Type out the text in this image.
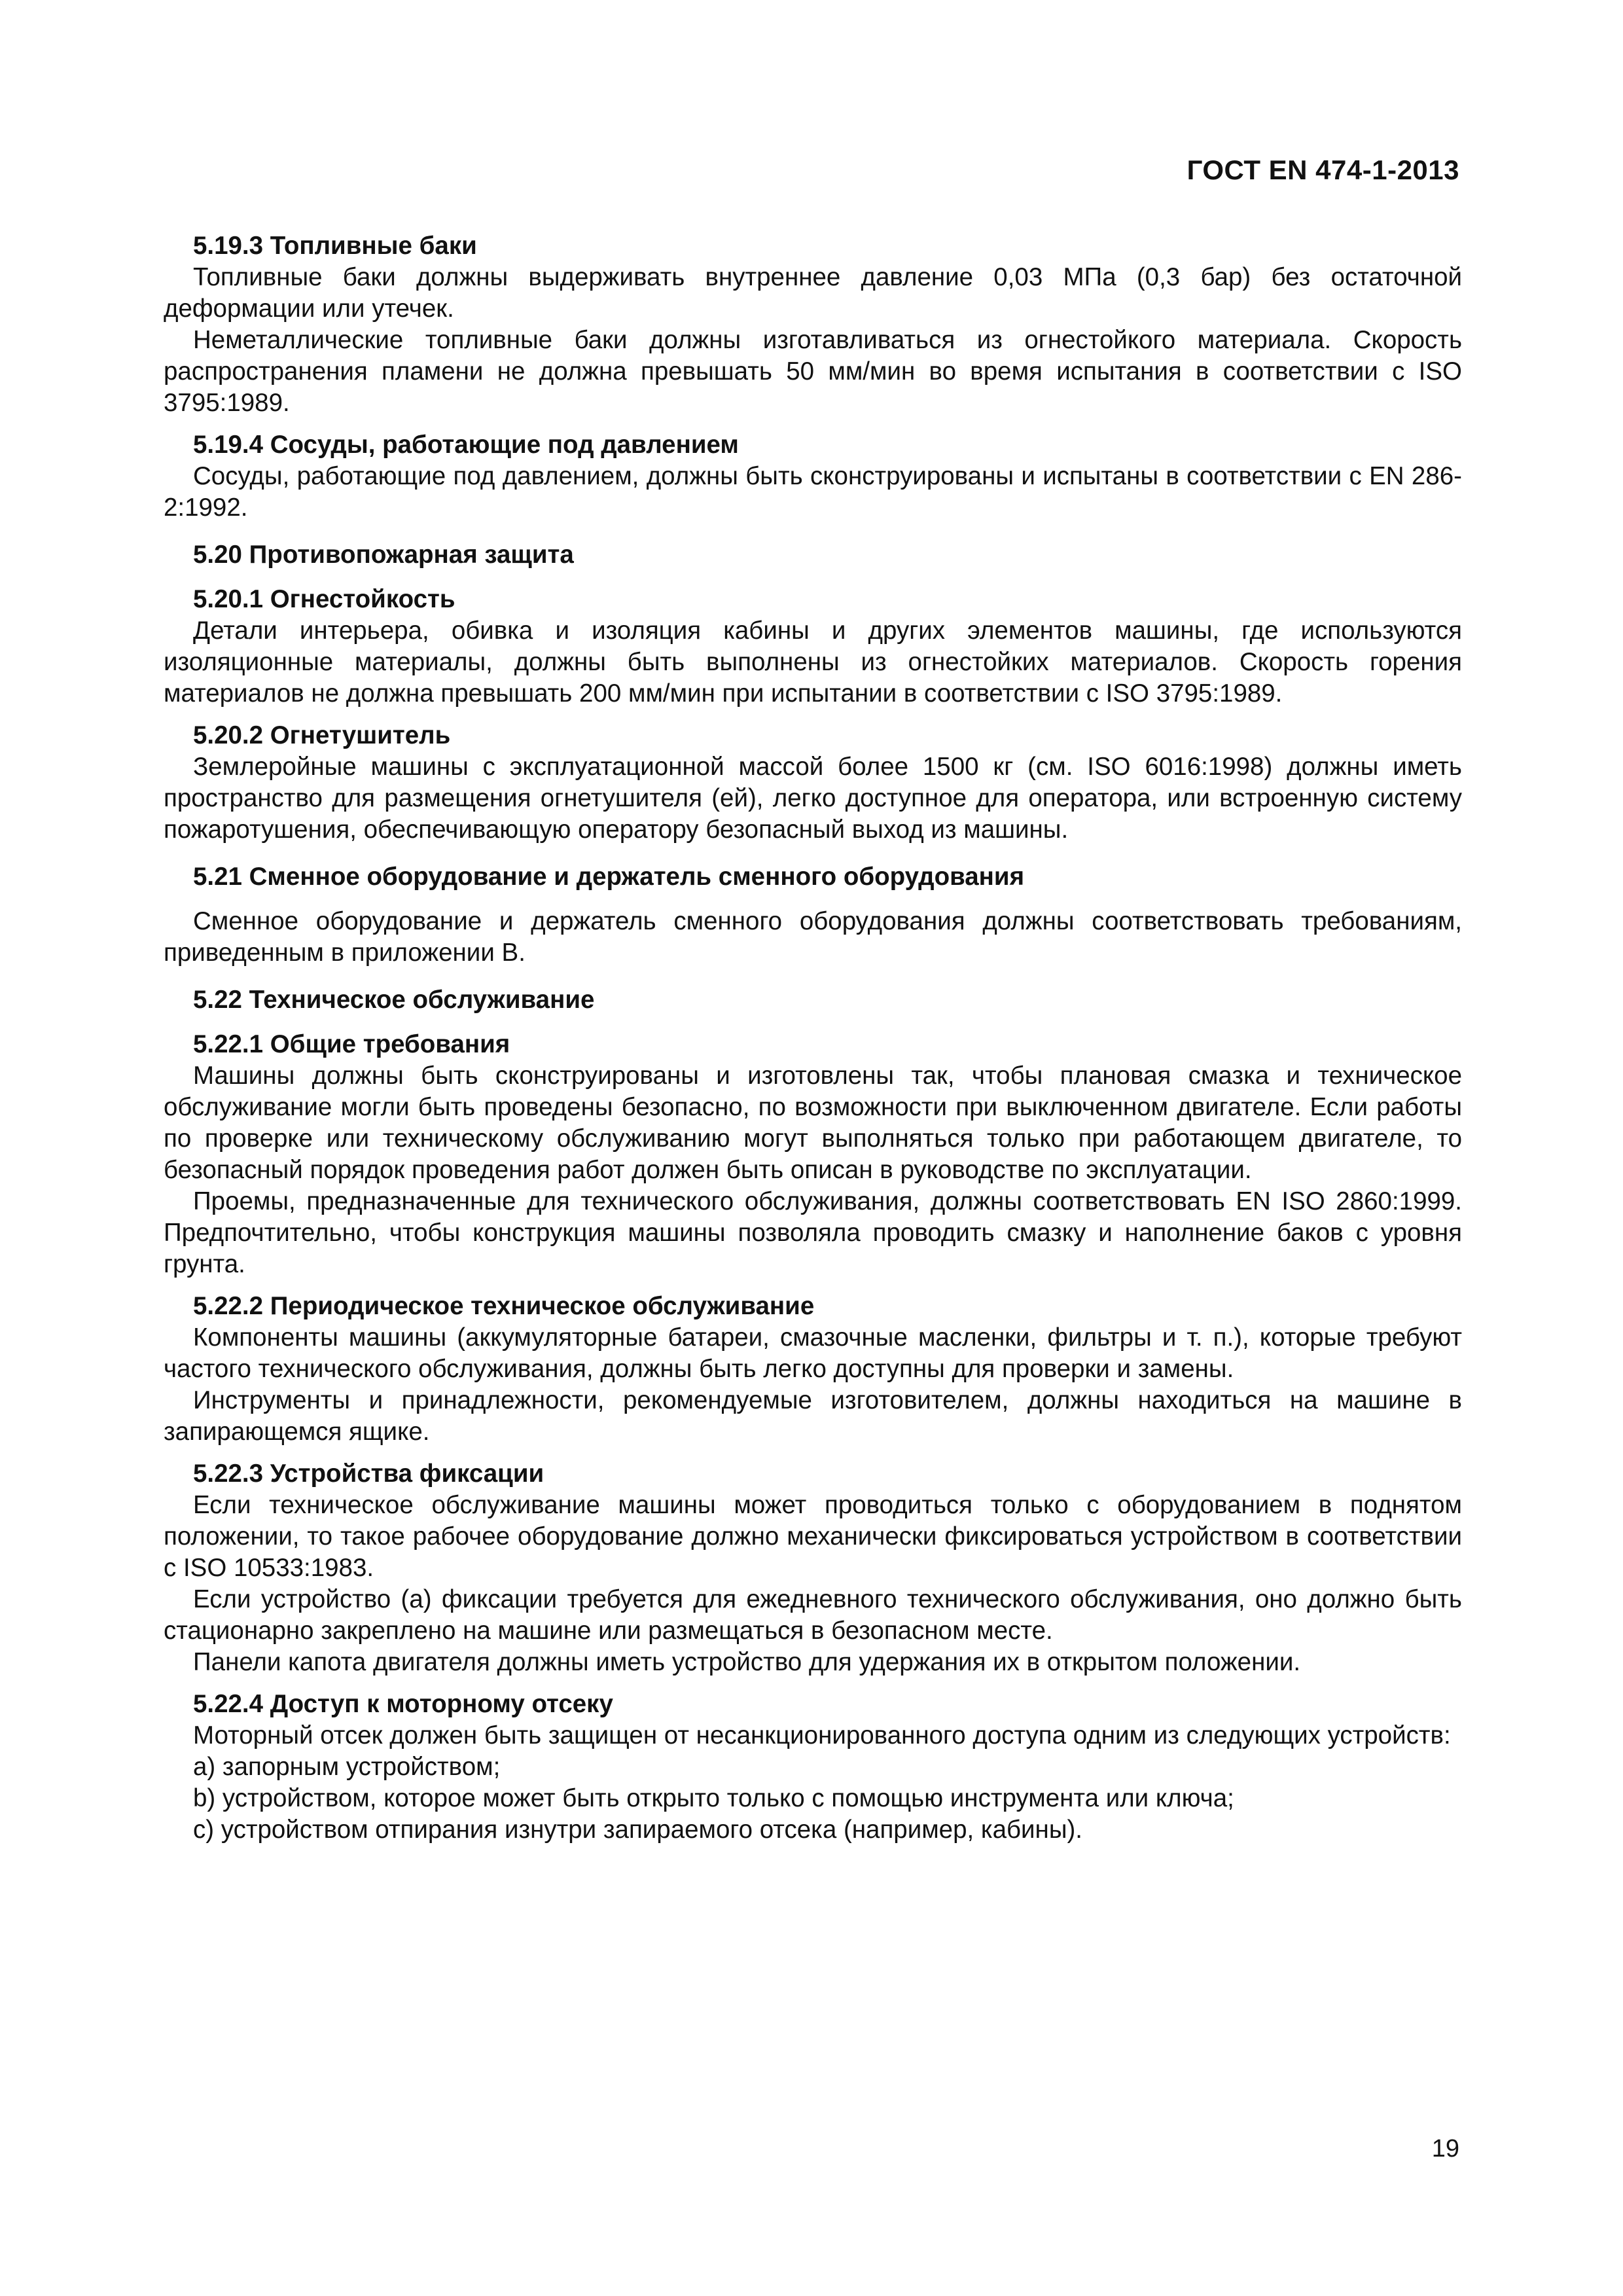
ГОСТ EN 474-1-2013
5.19.3 Топливные баки

Топливные баки должны выдерживать внутреннее давление 0,03 МПа (0,3 бар) без остаточной деформации или утечек.

Неметаллические топливные баки должны изготавливаться из огнестойкого материала. Скорость распространения пламени не должна превышать 50 мм/мин во время испытания в соответствии с ISO 3795:1989.

5.19.4 Сосуды, работающие под давлением

Сосуды, работающие под давлением, должны быть сконструированы и испытаны в соответствии с EN 286-2:1992.

5.20 Противопожарная защита
5.20.1 Огнестойкость

Детали интерьера, обивка и изоляция кабины и других элементов машины, где используются изоляционные материалы, должны быть выполнены из огнестойких материалов. Скорость горения материалов не должна превышать 200 мм/мин при испытании в соответствии с ISO 3795:1989.

5.20.2 Огнетушитель

Землеройные машины с эксплуатационной массой более 1500 кг (см. ISO 6016:1998) должны иметь пространство для размещения огнетушителя (ей), легко доступное для оператора, или встроенную систему пожаротушения, обеспечивающую оператору безопасный выход из машины.

5.21 Сменное оборудование и держатель сменного оборудования

Сменное оборудование и держатель сменного оборудования должны соответствовать требованиям, приведенным в приложении В.

5.22 Техническое обслуживание
5.22.1 Общие требования

Машины должны быть сконструированы и изготовлены так, чтобы плановая смазка и техническое обслуживание могли быть проведены безопасно, по возможности при выключенном двигателе. Если работы по проверке или техническому обслуживанию могут выполняться только при работающем двигателе, то безопасный порядок проведения работ должен быть описан в руководстве по эксплуатации.

Проемы, предназначенные для технического обслуживания, должны соответствовать EN ISO 2860:1999. Предпочтительно, чтобы конструкция машины позволяла проводить смазку и наполнение баков с уровня грунта.

5.22.2 Периодическое техническое обслуживание

Компоненты машины (аккумуляторные батареи, смазочные масленки, фильтры и т. п.), которые требуют частого технического обслуживания, должны быть легко доступны для проверки и замены.

Инструменты и принадлежности, рекомендуемые изготовителем, должны находиться на машине в запирающемся ящике.

5.22.3 Устройства фиксации

Если техническое обслуживание машины может проводиться только с оборудованием в поднятом положении, то такое рабочее оборудование должно механически фиксироваться устройством в соответствии с ISO 10533:1983.

Если устройство (а) фиксации требуется для ежедневного технического обслуживания, оно должно быть стационарно закреплено на машине или размещаться в безопасном месте.

Панели капота двигателя должны иметь устройство для удержания их в открытом положении.

5.22.4 Доступ к моторному отсеку

Моторный отсек должен быть защищен от несанкционированного доступа одним из следующих устройств:

a) запорным устройством;

b) устройством, которое может быть открыто только с помощью инструмента или ключа;

c) устройством отпирания изнутри запираемого отсека (например, кабины).

19
